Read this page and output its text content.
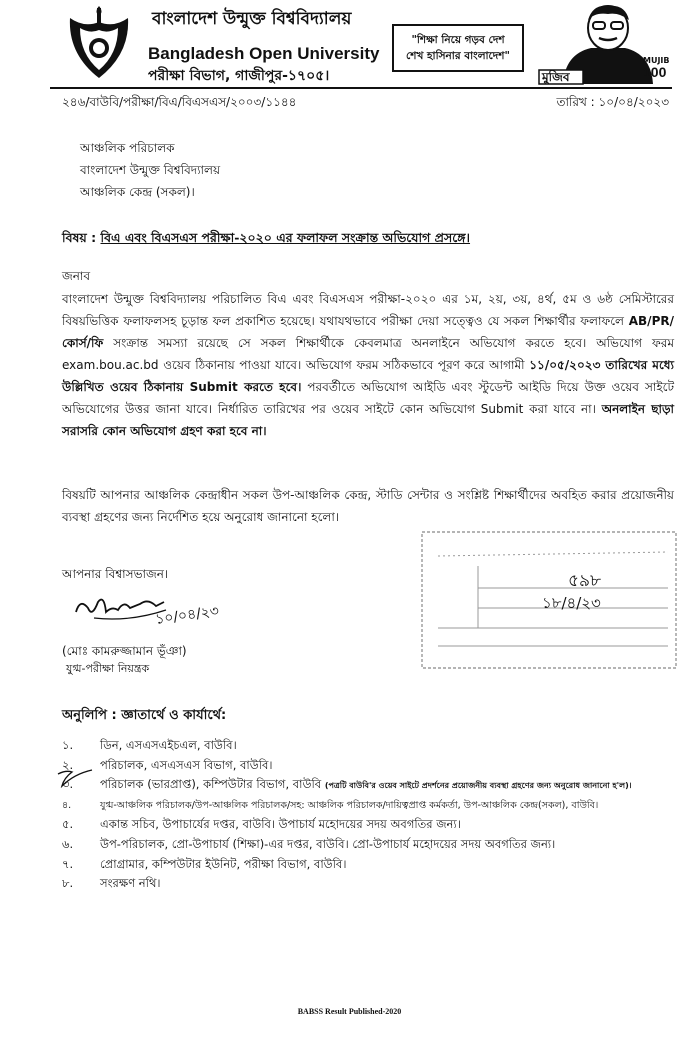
বাংলাদেশ উন্মুক্ত বিশ্ববিদ্যালয়
Bangladesh Open University
পরীক্ষা বিভাগ, গাজীপুর-১৭০৫।
"শিক্ষা নিয়ে গড়ব দেশ
শেখ হাসিনার বাংলাদেশ"
মুজিব
MUJIB
100
২৪৬/বাউবি/পরীক্ষা/বিএ/বিএসএস/২০০৩/১১৪৪	তারিখ : ১০/০৪/২০২৩
আঞ্চলিক পরিচালক
বাংলাদেশ উন্মুক্ত বিশ্ববিদ্যালয়
আঞ্চলিক কেন্দ্র (সকল)।
বিষয় : বিএ এবং বিএসএস পরীক্ষা-২০২০ এর ফলাফল সংক্রান্ত অভিযোগ প্রসঙ্গে।
জনাব
বাংলাদেশ উন্মুক্ত বিশ্ববিদ্যালয় পরিচালিত বিএ এবং বিএসএস পরীক্ষা-২০২০ এর ১ম, ২য়, ৩য়, ৪র্থ, ৫ম ও ৬ষ্ঠ সেমিস্টারের বিষয়ভিত্তিক ফলাফলসহ চূড়ান্ত ফল প্রকাশিত হয়েছে। যথাযথভাবে পরীক্ষা দেয়া সত্ত্বেও যে সকল শিক্ষার্থীর ফলাফলে AB/PR/কোর্স/ফি সংক্রান্ত সমস্যা রয়েছে সে সকল শিক্ষার্থীকে কেবলমাত্র অনলাইনে অভিযোগ করতে হবে। অভিযোগ ফরম exam.bou.ac.bd ওয়েব ঠিকানায় পাওয়া যাবে। অভিযোগ ফরম সঠিকভাবে পূরণ করে আগামী ১১/০৫/২০২৩ তারিখের মধ্যে উল্লিখিত ওয়েব ঠিকানায় Submit করতে হবে। পরবর্তীতে অভিযোগ আইডি এবং স্টুডেন্ট আইডি দিয়ে উক্ত ওয়েব সাইটে অভিযোগের উত্তর জানা যাবে। নির্ধারিত তারিখের পর ওয়েব সাইটে কোন অভিযোগ Submit করা যাবে না। অনলাইন ছাড়া সরাসরি কোন অভিযোগ গ্রহণ করা হবে না।
বিষয়টি আপনার আঞ্চলিক কেন্দ্রাধীন সকল উপ-আঞ্চলিক কেন্দ্র, স্টাডি সেন্টার ও সংশ্লিষ্ট শিক্ষার্থীদের অবহিত করার প্রয়োজনীয় ব্যবস্থা গ্রহণের জন্য নির্দেশিত হয়ে অনুরোধ জানানো হলো।
আপনার বিশ্বাসভাজন।
১০/০৪/২৩
(মোঃ কামরুজ্জামান ভূঁঞা)
যুগ্ম-পরীক্ষা নিয়ন্ত্রক
৫৯৮
১৮/৪/২৩
অনুলিপি : জ্ঞাতার্থে ও কার্যার্থে:
১. ডিন, এসএসএইচএল, বাউবি।
২. পরিচালক, এসএসএস বিভাগ, বাউবি।
৩. পরিচালক (ভারপ্রাপ্ত), কম্পিউটার বিভাগ, বাউবি (পত্রটি বাউবি'র ওয়েব সাইটে প্রদর্শনের প্রয়োজনীয় ব্যবস্থা গ্রহণের জন্য অনুরোধ জানানো হ'ল)।
৪.	যুগ্ম-আঞ্চলিক পরিচালক/উপ-আঞ্চলিক পরিচালক/সহ: আঞ্চলিক পরিচালক/দায়িত্বপ্রাপ্ত কর্মকর্তা, উপ-আঞ্চলিক কেন্দ্র(সকল), বাউবি।
৫. একান্ত সচিব, উপাচার্যের দপ্তর, বাউবি। উপাচার্য মহোদয়ের সদয় অবগতির জন্য।
৬. উপ-পরিচালক, প্রো-উপাচার্য (শিক্ষা)-এর দপ্তর, বাউবি। প্রো-উপাচার্য মহোদয়ের সদয় অবগতির জন্য।
৭. প্রোগ্রামার, কম্পিউটার ইউনিট, পরীক্ষা বিভাগ, বাউবি।
৮. সংরক্ষণ নথি।
BABSS Result Published-2020
